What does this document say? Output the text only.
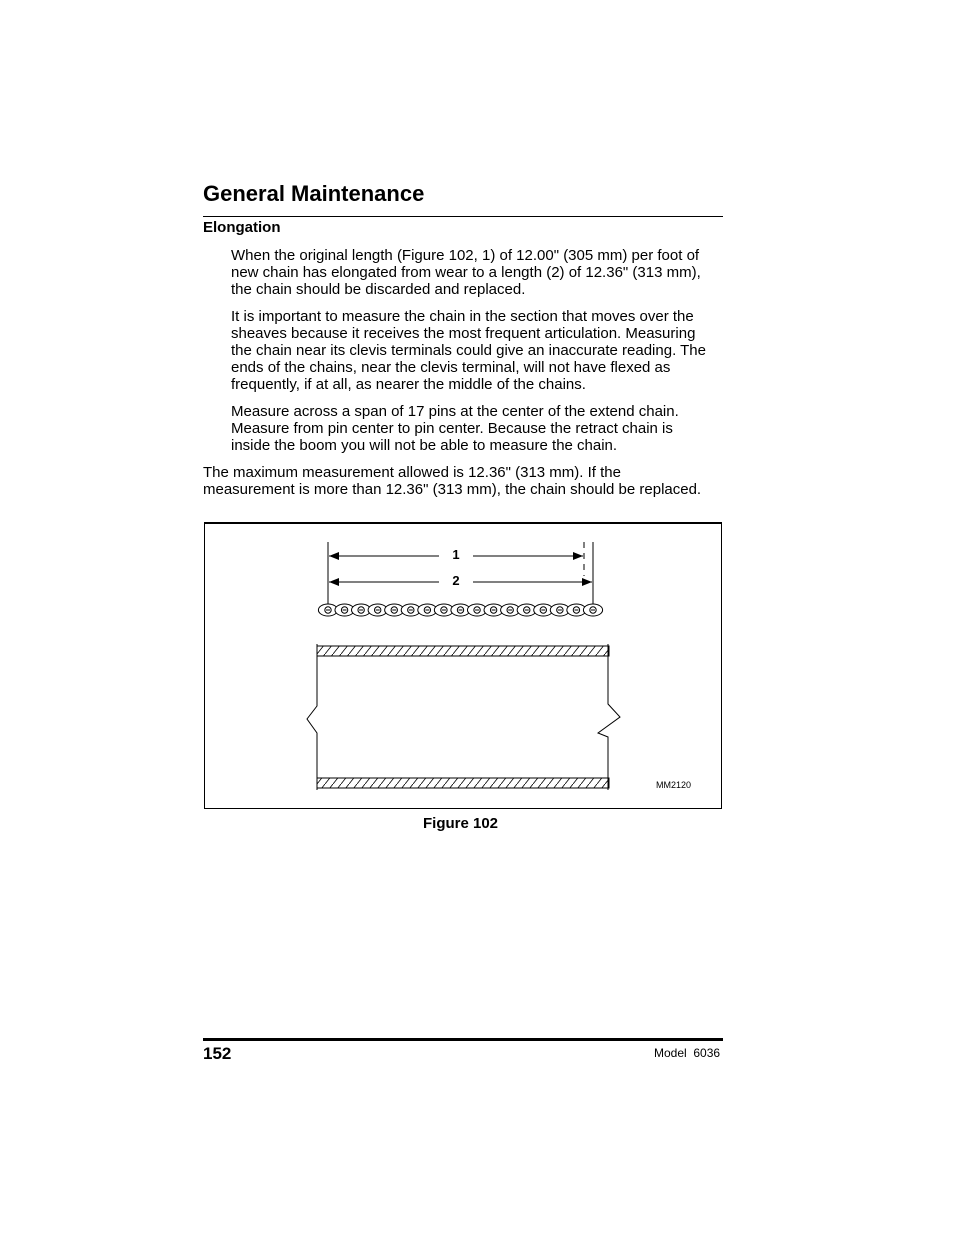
General Maintenance
Elongation

When the original length (Figure 102, 1) of 12.00" (305 mm) per foot of
new chain has elongated from wear to a length (2) of 12.36" (313 mm),
the chain should be discarded and replaced.

It is important to measure the chain in the section that moves over the
sheaves because it receives the most frequent articulation. Measuring
the chain near its clevis terminals could give an inaccurate reading. The
ends of the chains, near the clevis terminal, will not have flexed as
frequently, if at all, as nearer the middle of the chains.

Measure across a span of 17 pins at the center of the extend chain.
Measure from pin center to pin center. Because the retract chain is
inside the boom you will not be able to measure the chain.

The maximum measurement allowed is 12.36" (313 mm). If the
measurement is more than 12.36" (313 mm), the chain should be replaced.

1
2
MM2120

Figure 102

152	Model  6036
